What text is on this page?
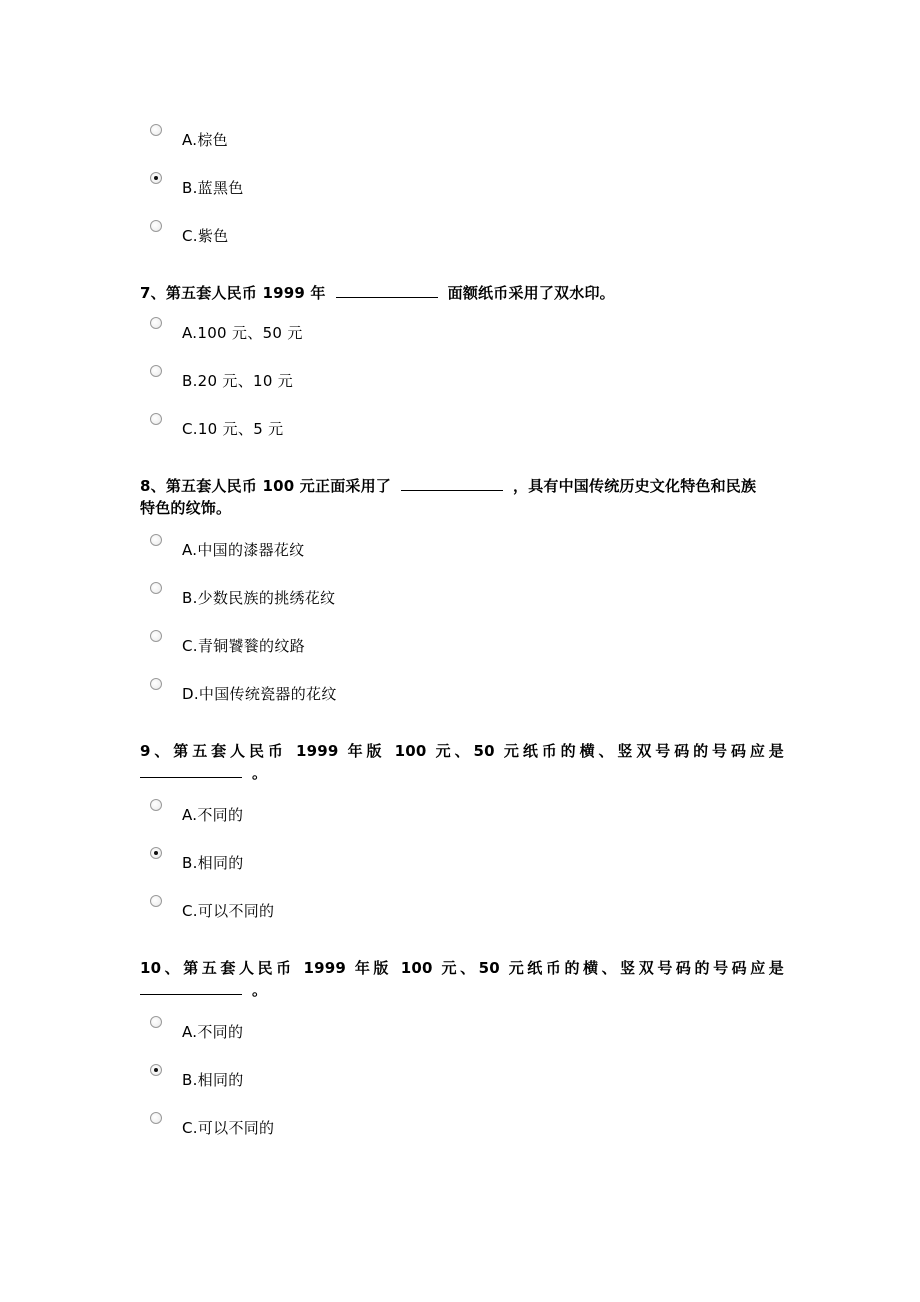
A.棕色
B.蓝黑色
C.紫色
7、第五套人民币 1999 年	面额纸币采用了双水印。
A.100 元、50 元
B.20 元、10 元
C.10 元、5 元
8、第五套人民币 100 元正面采用了	，具有中国传统历史文化特色和民族
特色的纹饰。
A.中国的漆器花纹
B.少数民族的挑绣花纹
C.青铜饕餮的纹路
D.中国传统瓷器的花纹
9、第五套人民币 1999 年版 100 元、50 元纸币的横、竖双号码的号码应是
。
A.不同的
B.相同的
C.可以不同的
10、第五套人民币 1999 年版 100 元、50 元纸币的横、竖双号码的号码应是
。
A.不同的
B.相同的
C.可以不同的
